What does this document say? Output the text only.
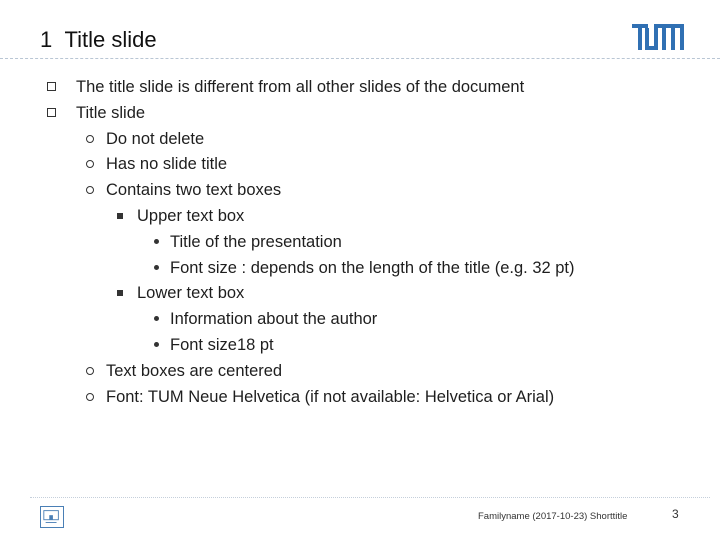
1 Title slide
The title slide is different from all other slides of the document
Title slide
Do not delete
Has no slide title
Contains two text boxes
Upper text box
Title of the presentation
Font size : depends on the length of the title (e.g. 32 pt)
Lower text box
Information about the author
Font size18 pt
Text boxes are centered
Font: TUM Neue Helvetica (if not available: Helvetica or Arial)
Familyname (2017-10-23) Shorttitle	3
